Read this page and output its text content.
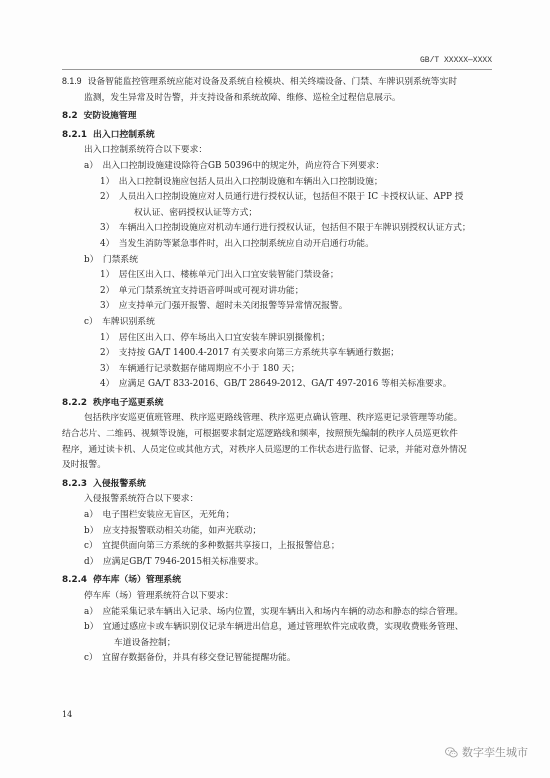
GB/T XXXXX—XXXX
8.1.9 设备智能监控管理系统应能对设备及系统自检模块、相关终端设备、门禁、车牌识别系统等实时
监测，发生异常及时告警，并支持设备和系统故障、维修、巡检全过程信息展示。
8.2 安防设施管理
8.2.1 出入口控制系统
出入口控制系统符合以下要求：
a）　出入口控制设施建设除符合GB 50396中的规定外，尚应符合下列要求：
1）　出入口控制设施应包括人员出入口控制设施和车辆出入口控制设施；
2）　人员出入口控制设施应对人员通行进行授权认证，包括但不限于 IC 卡授权认证、APP 授
权认证、密码授权认证等方式；
3）　车辆出入口控制设施应对机动车通行进行授权认证，包括但不限于车牌识别授权认证方式；
4）　当发生消防等紧急事件时，出入口控制系统应自动开启通行功能。
b）　门禁系统
1）　居住区出入口、楼栋单元门出入口宜安装智能门禁设备；
2）　单元门禁系统宜支持语音呼叫或可视对讲功能；
3）　应支持单元门强开报警、超时未关闭报警等异常情况报警。
c）　车牌识别系统
1）　居住区出入口、停车场出入口宜安装车牌识别摄像机；
2）　支持按 GA/T 1400.4-2017 有关要求向第三方系统共享车辆通行数据；
3）　车辆通行记录数据存储周期应不小于 180 天；
4）　应满足 GA/T 833-2016、GB/T 28649-2012、GA/T 497-2016 等相关标准要求。
8.2.2 秩序电子巡更系统
包括秩序安巡更值班管理、秩序巡更路线管理、秩序巡更点确认管理、秩序巡更记录管理等功能。
结合芯片、二维码、视频等设施，可根据要求制定巡逻路线和频率，按照预先编制的秩序人员巡更软件
程序，通过读卡机、人员定位或其他方式，对秩序人员巡逻的工作状态进行监督、记录，并能对意外情况
及时报警。
8.2.3 入侵报警系统
入侵报警系统符合以下要求：
a）　电子围栏安装应无盲区，无死角；
b）　应支持报警联动相关功能，如声光联动；
c）　宜提供面向第三方系统的多种数据共享接口，上报报警信息；
d）　应满足GB/T 7946-2015相关标准要求。
8.2.4 停车库（场）管理系统
停车库（场）管理系统符合以下要求：
a）　应能采集记录车辆出入记录、场内位置，实现车辆出入和场内车辆的动态和静态的综合管理。
b）　宜通过感应卡或车辆识别仪记录车辆进出信息，通过管理软件完成收费，实现收费账务管理、
车道设备控制；
c）　宜留存数据备份，并具有移交登记智能提醒功能。
14
数字孪生城市
